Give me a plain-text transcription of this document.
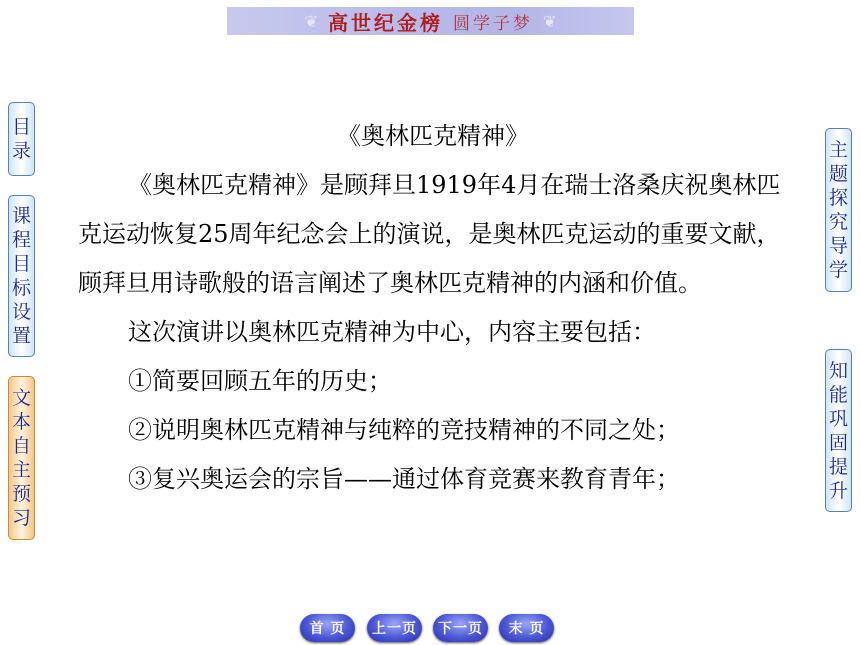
❦ 高世纪金榜 圆学子梦 ❦
目
录
课
程
目
标
设
置
文
本
自
主
预
习
主
题
探
究
导
学
知
能
巩
固
提
升
《奥林匹克精神》
《奥林匹克精神》是顾拜旦1919年4月在瑞士洛桑庆祝奥林匹克运动恢复25周年纪念会上的演说，是奥林匹克运动的重要文献，顾拜旦用诗歌般的语言阐述了奥林匹克精神的内涵和价值。
这次演讲以奥林匹克精神为中心，内容主要包括：
①简要回顾五年的历史；
②说明奥林匹克精神与纯粹的竞技精神的不同之处；
③复兴奥运会的宗旨——通过体育竞赛来教育青年；
首 页	上一页	下一页	末 页
